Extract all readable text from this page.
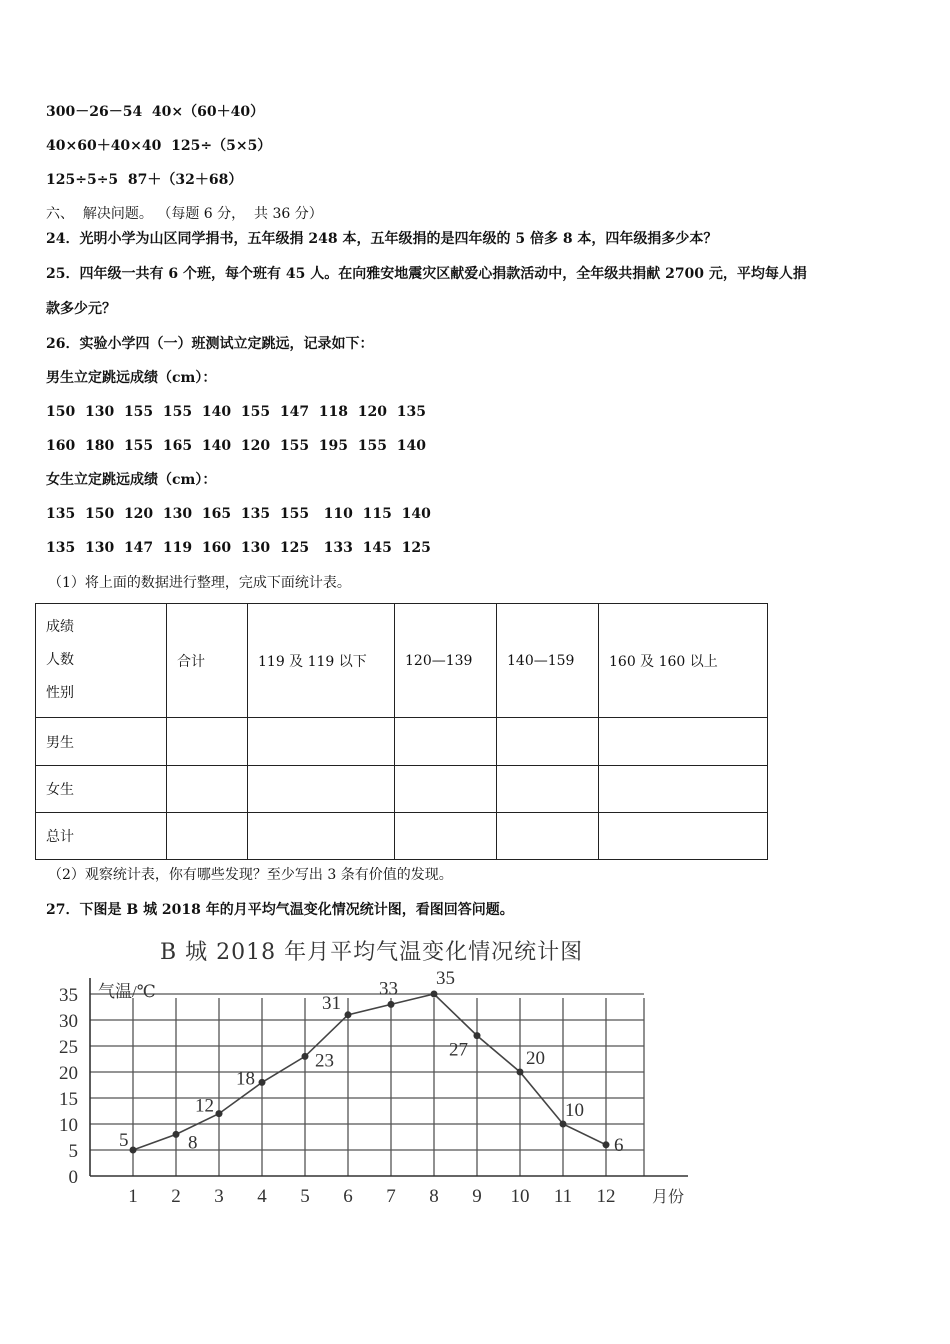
300－26－54  40×（60＋40）
40×60＋40×40  125÷（5×5）
125÷5÷5  87＋（32＋68）
六、  解决问题。 （每题 6 分，  共 36 分）
24．光明小学为山区同学捐书，五年级捐 248 本，五年级捐的是四年级的 5 倍多 8 本，四年级捐多少本？
25．四年级一共有 6 个班，每个班有 45 人。在向雅安地震灾区献爱心捐款活动中，全年级共捐献 2700 元，平均每人捐
款多少元？
26．实验小学四（一）班测试立定跳远，记录如下：
男生立定跳远成绩（cm）：
150  130  155  155  140  155  147  118  120  135
160  180  155  165  140  120  155  195  155  140
女生立定跳远成绩（cm）：
135  150  120  130  165  135  155   110  115  140
135  130  147  119  160  130  125   133  145  125
（1）将上面的数据进行整理，完成下面统计表。
成绩
人数
性别	合计	119 及 119 以下	120—139	140—159	160 及 160 以上
男生					
女生					
总计					
（2）观察统计表，你有哪些发现？至少写出 3 条有价值的发现。
27．下图是 B 城 2018 年的月平均气温变化情况统计图，看图回答问题。
B 城 2018 年月平均气温变化情况统计图
0
5
10
15
20
25
30
35
1 2 3 4 5 6 7 8 9 10 11 12
气温/℃
月份
5	8
12
18
23
31
33 35
27	20
10
6
